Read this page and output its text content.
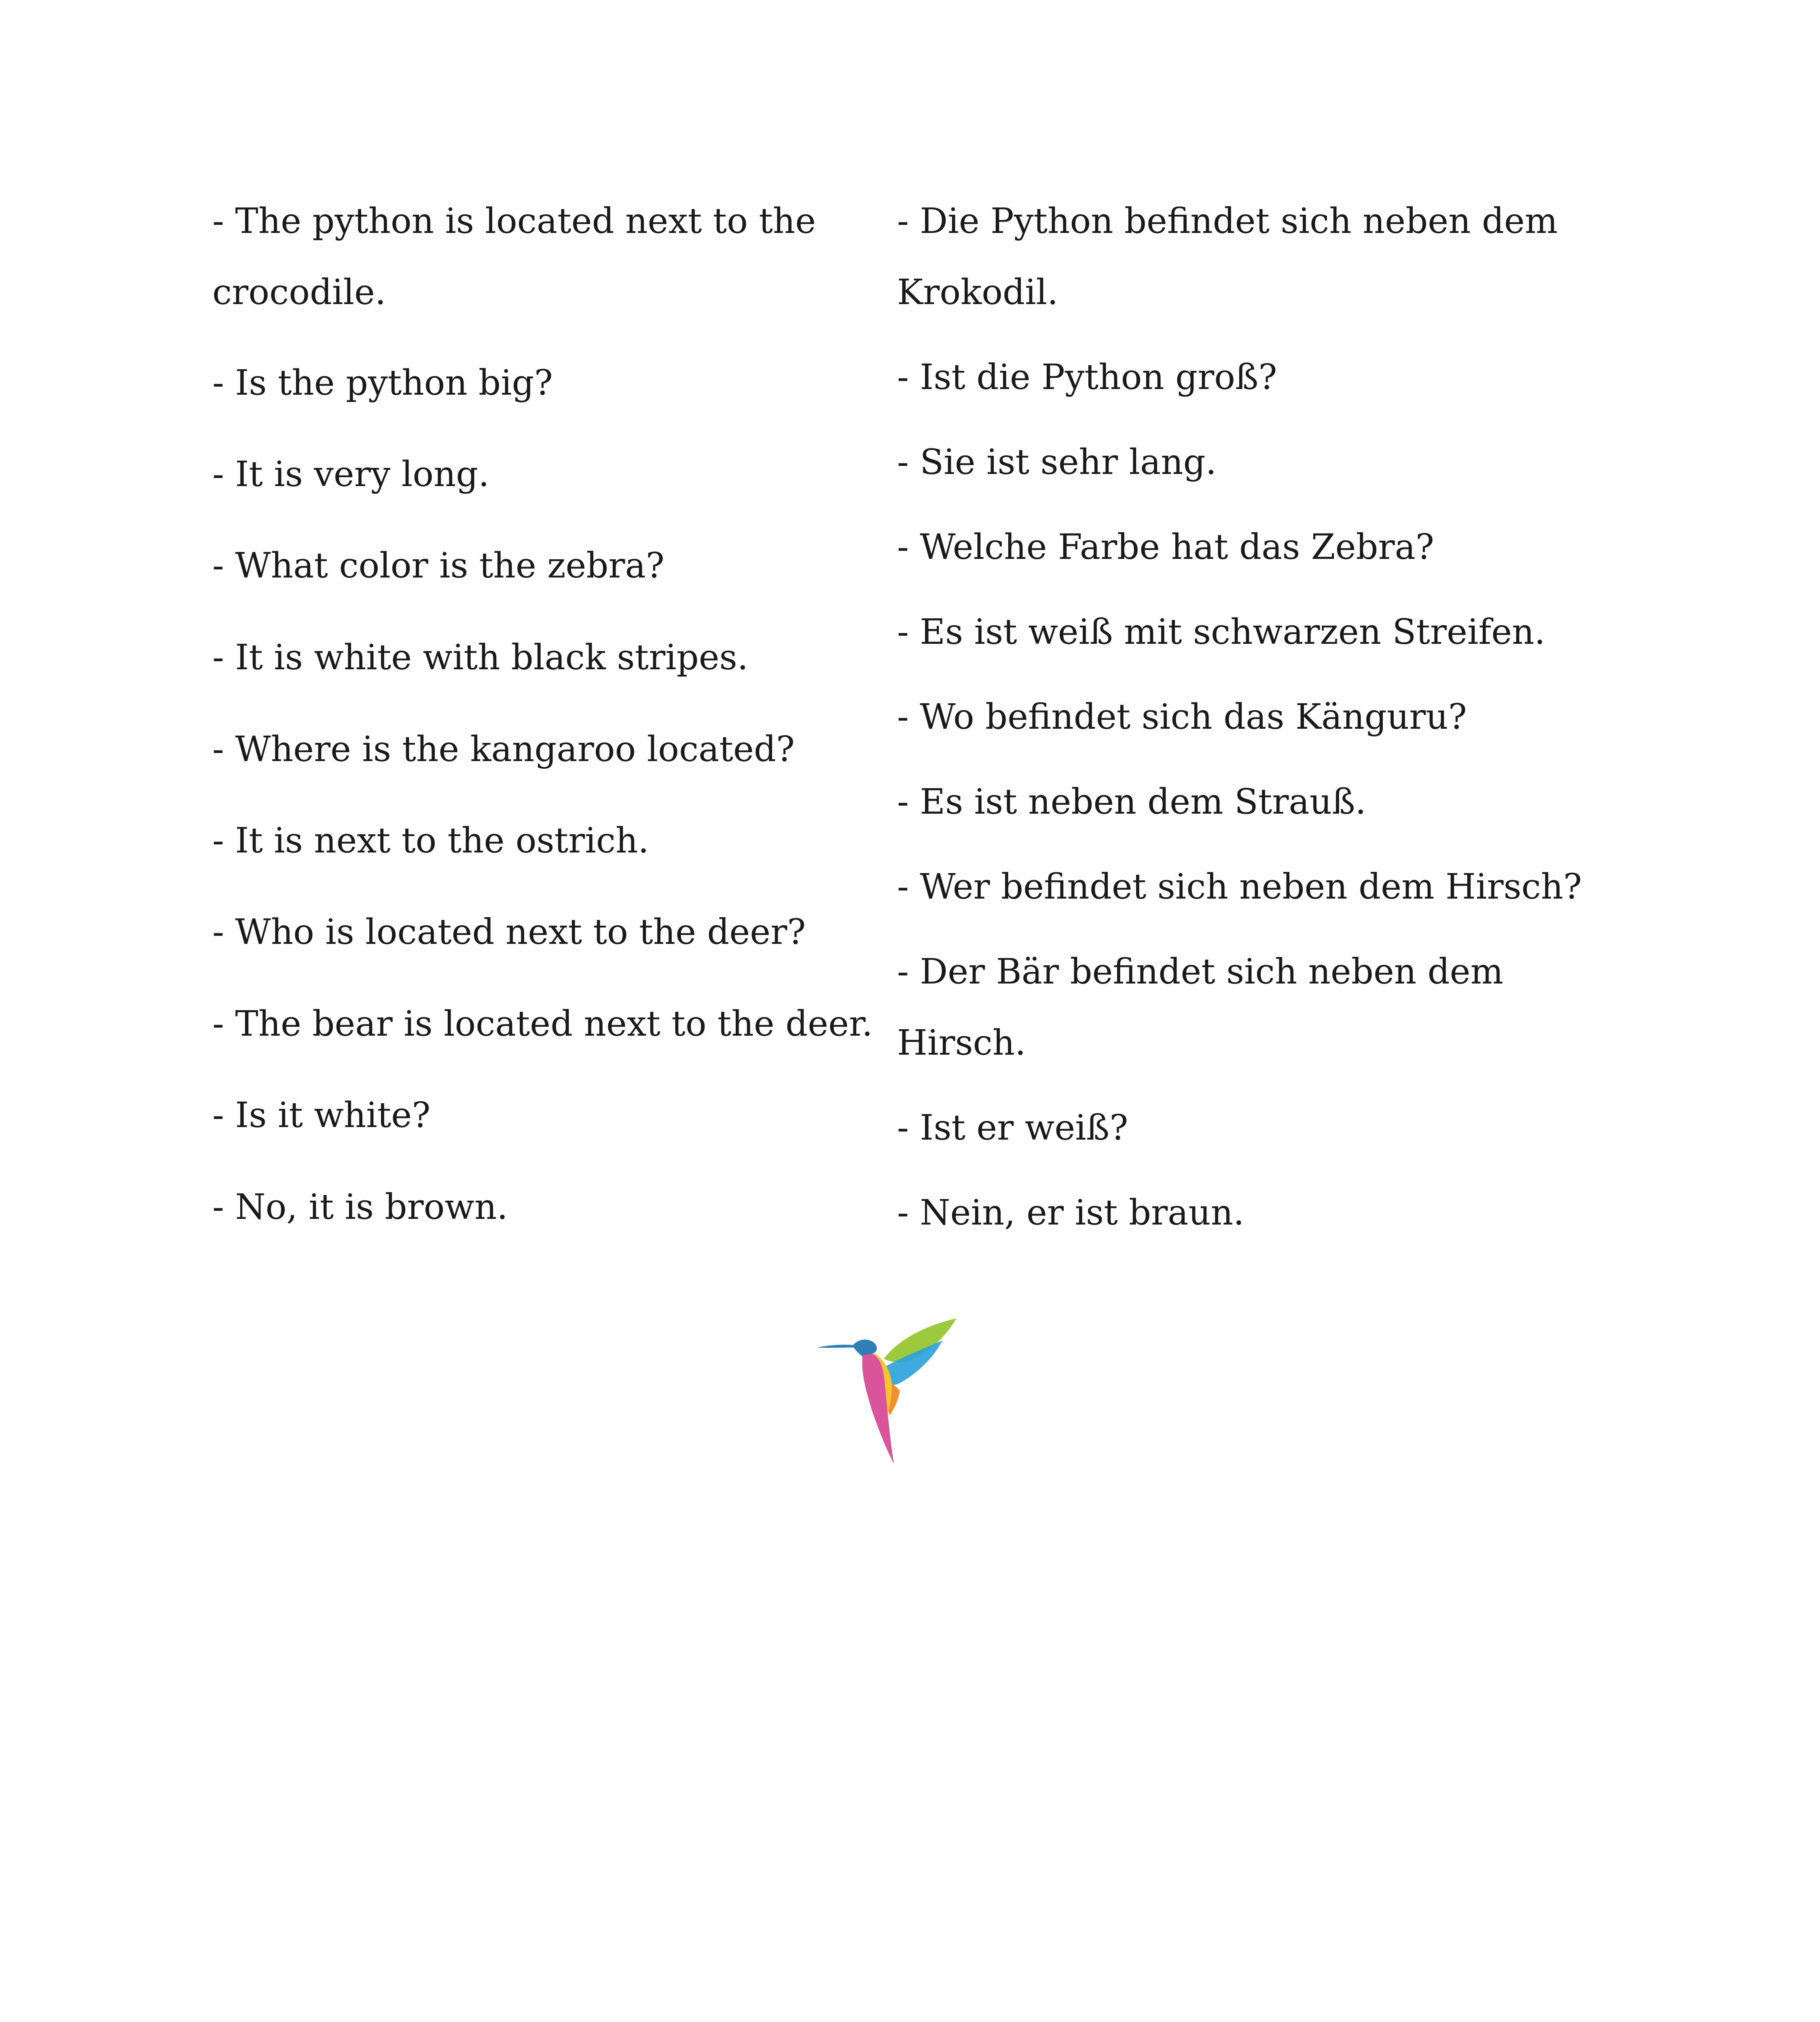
- The python is located next to the
crocodile.
- Is the python big?
- It is very long.
- What color is the zebra?
- It is white with black stripes.
- Where is the kangaroo located?
- It is next to the ostrich.
- Who is located next to the deer?
- The bear is located next to the deer.
- Is it white?
- No, it is brown.
- Die Python befindet sich neben dem
Krokodil.
- Ist die Python groß?
- Sie ist sehr lang.
- Welche Farbe hat das Zebra?
- Es ist weiß mit schwarzen Streifen.
- Wo befindet sich das Känguru?
- Es ist neben dem Strauß.
- Wer befindet sich neben dem Hirsch?
- Der Bär befindet sich neben dem
Hirsch.
- Ist er weiß?
- Nein, er ist braun.
